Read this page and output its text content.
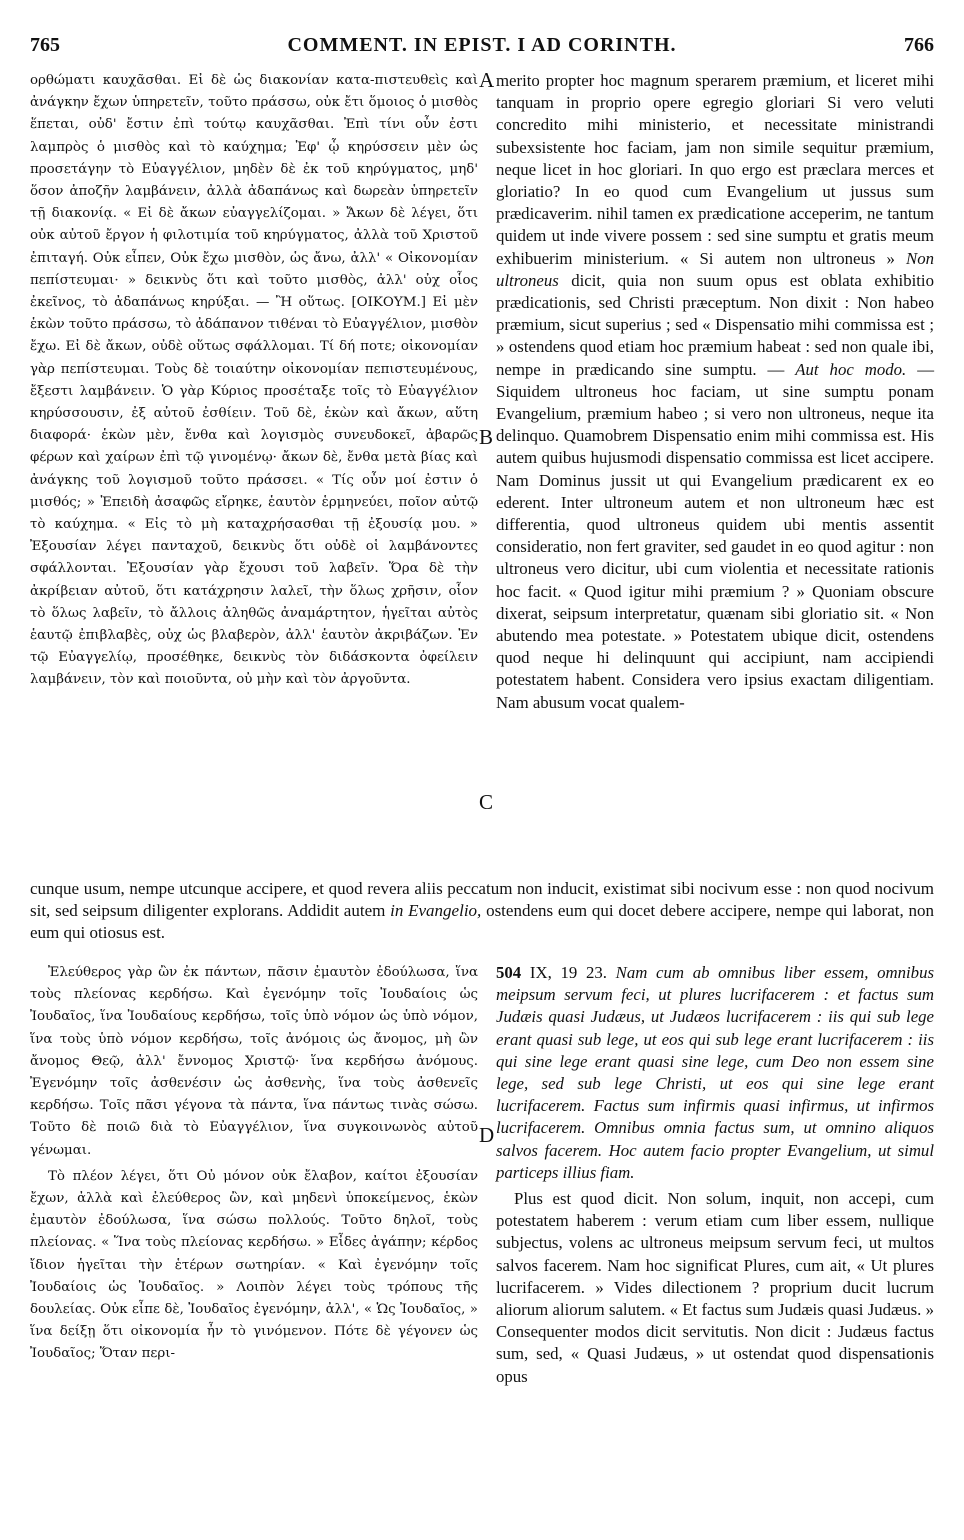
765	COMMENT. IN EPIST. I AD CORINTH.	766

ορθώματι καυχᾶσθαι. Εἰ δὲ ὡς διακονίαν κατα-πιστευθεὶς καὶ ἀνάγκην ἔχων ὑπηρετεῖν, τοῦτο πράσσω, οὐκ ἔτι ὅμοιος ὁ μισθὸς ἕπεται, οὐδ' ἔστιν ἐπὶ τούτῳ καυχᾶσθαι. Ἐπὶ τίνι οὖν ἐστι λαμπρὸς ὁ μισθὸς καὶ τὸ καύχημα; Ἐφ' ᾧ κηρύσσειν μὲν ὡς προσετάγην τὸ Εὐαγγέλιον, μηδὲν δὲ ἐκ τοῦ κηρύγματος, μηδ' ὅσον ἀποζῆν λαμβάνειν, ἀλλὰ ἀδαπάνως καὶ δωρεὰν ὑπηρετεῖν τῇ διακονίᾳ. « Εἰ δὲ ἄκων εὐαγγελίζομαι. » Ἄκων δὲ λέγει, ὅτι οὐκ αὐτοῦ ἔργον ἡ φιλοτιμία τοῦ κηρύγματος, ἀλλὰ τοῦ Χριστοῦ ἐπιταγή. Οὐκ εἶπεν, Οὐκ ἔχω μισθὸν, ὡς ἄνω, ἀλλ' « Οἰκονομίαν πεπίστευμαι· » δεικνὺς ὅτι καὶ τοῦτο μισθὸς, ἀλλ' οὐχ οἷος ἐκεῖνος, τὸ ἀδαπάνως κηρύξαι. — Ἢ οὕτως. [ΟΙΚΟΥΜ.] Εἰ μὲν ἑκὼν τοῦτο πράσσω, τὸ ἀδάπανον τιθέναι τὸ Εὐαγγέλιον, μισθὸν ἔχω. Εἰ δὲ ἄκων, οὐδὲ οὕτως σφάλλομαι. Τί δή ποτε; οἰκονομίαν γὰρ πεπίστευμαι. Τοὺς δὲ τοιαύτην οἰκονομίαν πεπιστευμένους, ἔξεστι λαμβάνειν. Ὁ γὰρ Κύριος προσέταξε τοῖς τὸ Εὐαγγέλιον κηρύσσουσιν, ἐξ αὐτοῦ ἐσθίειν. Τοῦ δὲ, ἑκὼν καὶ ἄκων, αὕτη διαφορά· ἑκὼν μὲν, ἔνθα καὶ λογισμὸς συνευδοκεῖ, ἀβαρῶς φέρων καὶ χαίρων ἐπὶ τῷ γινομένῳ· ἄκων δὲ, ἔνθα μετὰ βίας καὶ ἀνάγκης τοῦ λογισμοῦ τοῦτο πράσσει. « Τίς οὖν μοί ἐστιν ὁ μισθός; » Ἐπειδὴ ἀσαφῶς εἴρηκε, ἑαυτὸν ἑρμηνεύει, ποῖον αὐτῷ τὸ καύχημα. « Εἰς τὸ μὴ καταχρήσασθαι τῇ ἐξουσίᾳ μου. » Ἐξουσίαν λέγει πανταχοῦ, δεικνὺς ὅτι οὐδὲ οἱ λαμβάνοντες σφάλλονται. Ἐξουσίαν γὰρ ἔχουσι τοῦ λαβεῖν. Ὅρα δὲ τὴν ἀκρίβειαν αὐτοῦ, ὅτι κατάχρησιν λαλεῖ, τὴν ὅλως χρῆσιν, οἷον τὸ ὅλως λαβεῖν, τὸ ἄλλοις ἀληθῶς ἀναμάρτητον, ἡγεῖται αὐτὸς ἑαυτῷ ἐπιβλαβὲς, οὐχ ὡς βλαβερὸν, ἀλλ' ἑαυτὸν ἀκριβάζων. Ἐν τῷ Εὐαγγελίῳ, προσέθηκε, δεικνὺς τὸν διδάσκοντα ὀφείλειν λαμβάνειν, τὸν καὶ ποιοῦντα, οὐ μὴν καὶ τὸν ἀργοῦντα.

merito propter hoc magnum sperarem præmium, et liceret mihi tanquam in proprio opere egregio gloriari Si vero veluti concredito mihi ministerio, et necessitate ministrandi subexsistente hoc faciam, jam non simile sequitur præmium, neque licet in hoc gloriari. In quo ergo est præclara merces et gloriatio? In eo quod cum Evangelium ut jussus sum prædicaverim. nihil tamen ex prædicatione acceperim, ne tantum quidem ut inde vivere possem : sed sine sumptu et gratis meum exhibuerim ministerium. « Si autem non ultroneus » Non ultroneus dicit, quia non suum opus est oblata exhibitio prædicationis, sed Christi præceptum. Non dixit : Non habeo præmium, sicut superius ; sed « Dispensatio mihi commissa est ; » ostendens quod etiam hoc præmium habeat : sed non quale ibi, nempe in prædicando sine sumptu. — Aut hoc modo. — Siquidem ultroneus hoc faciam, ut sine sumptu ponam Evangelium, præmium habeo ; si vero non ultroneus, neque ita delinquo. Quamobrem Dispensatio enim mihi commissa est. His autem quibus hujusmodi dispensatio commissa est licet accipere. Nam Dominus jussit ut qui Evangelium prædicarent ex eo ederent. Inter ultroneum autem et non ultroneum hæc est differentia, quod ultroneus quidem ubi mentis assentit consideratio, non fert graviter, sed gaudet in eo quod agitur : non ultroneus vero dicitur, ubi cum violentia et necessitate rationis hoc facit. « Quod igitur mihi præmium ? » Quoniam obscure dixerat, seipsum interpretatur, quænam sibi gloriatio sit. « Non abutendo mea potestate. » Potestatem ubique dicit, ostendens quod neque hi delinquunt qui accipiunt, nam accipiendi potestatem habent. Considera vero ipsius exactam diligentiam. Nam abusum vocat qualem-

A
B
C
D
cunque usum, nempe utcunque accipere, et quod revera aliis peccatum non inducit, existimat sibi nocivum esse : non quod nocivum sit, sed seipsum diligenter explorans. Addidit autem in Evangelio, ostendens eum qui docet debere accipere, nempe qui laborat, non eum qui otiosus est.

Ἐλεύθερος γὰρ ὢν ἐκ πάντων, πᾶσιν ἐμαυτὸν ἐδούλωσα, ἵνα τοὺς πλείονας κερδήσω. Καὶ ἐγενόμην τοῖς Ἰουδαίοις ὡς Ἰουδαῖος, ἵνα Ἰουδαίους κερδήσω, τοῖς ὑπὸ νόμον ὡς ὑπὸ νόμον, ἵνα τοὺς ὑπὸ νόμον κερδήσω, τοῖς ἀνόμοις ὡς ἄνομος, μὴ ὢν ἄνομος Θεῷ, ἀλλ' ἔννομος Χριστῷ· ἵνα κερδήσω ἀνόμους. Ἐγενόμην τοῖς ἀσθενέσιν ὡς ἀσθενὴς, ἵνα τοὺς ἀσθενεῖς κερδήσω. Τοῖς πᾶσι γέγονα τὰ πάντα, ἵνα πάντως τινὰς σώσω. Τοῦτο δὲ ποιῶ διὰ τὸ Εὐαγγέλιον, ἵνα συγκοινωνὸς αὐτοῦ γένωμαι.

Τὸ πλέον λέγει, ὅτι Οὐ μόνον οὐκ ἔλαβον, καίτοι ἐξουσίαν ἔχων, ἀλλὰ καὶ ἐλεύθερος ὢν, καὶ μηδενὶ ὑποκείμενος, ἑκὼν ἐμαυτὸν ἐδούλωσα, ἵνα σώσω πολλούς. Τοῦτο δηλοῖ, τοὺς πλείονας. « Ἵνα τοὺς πλείονας κερδήσω. » Εἶδες ἀγάπην; κέρδος ἴδιον ἡγεῖται τὴν ἑτέρων σωτηρίαν. « Καὶ ἐγενόμην τοῖς Ἰουδαίοις ὡς Ἰουδαῖος. » Λοιπὸν λέγει τοὺς τρόπους τῆς δουλείας. Οὐκ εἶπε δὲ, Ἰουδαῖος ἐγενόμην, ἀλλ', « Ὡς Ἰουδαῖος, » ἵνα δείξῃ ὅτι οἰκονομία ἦν τὸ γινόμενον. Πότε δὲ γέγονεν ὡς Ἰουδαῖος; Ὅταν περι-

504 IX, 19 23. Nam cum ab omnibus liber essem, omnibus meipsum servum feci, ut plures lucrifacerem : et factus sum Judæis quasi Judæus, ut Judæos lucrifacerem : iis qui sub lege erant quasi sub lege, ut eos qui sub lege erant lucrifacerem : iis qui sine lege erant quasi sine lege, cum Deo non essem sine lege, sed sub lege Christi, ut eos qui sine lege erant lucrifacerem. Factus sum infirmis quasi infirmus, ut infirmos lucrifacerem. Omnibus omnia factus sum, ut omnino aliquos salvos facerem. Hoc autem facio propter Evangelium, ut simul particeps illius fiam.

Plus est quod dicit. Non solum, inquit, non accepi, cum potestatem haberem : verum etiam cum liber essem, nullique subjectus, volens ac ultroneus meipsum servum feci, ut multos salvos facerem. Nam hoc significat Plures, cum ait, « Ut plures lucrifacerem. » Vides dilectionem ? proprium ducit lucrum aliorum aliorum salutem. « Et factus sum Judæis quasi Judæus. » Consequenter modos dicit servitutis. Non dicit : Judæus factus sum, sed, « Quasi Judæus, » ut ostendat quod dispensationis opus
